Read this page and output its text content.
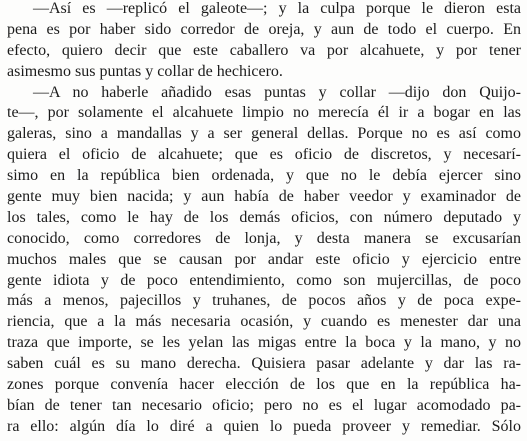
—Así es —replicó el galeote—; y la culpa porque le dieron esta
pena es por haber sido corredor de oreja, y aun de todo el cuerpo. En
efecto, quiero decir que este caballero va por alcahuete, y por tener
asimesmo sus puntas y collar de hechicero.
—A no haberle añadido esas puntas y collar —dijo don Quijo-
te—, por solamente el alcahuete limpio no merecía él ir a bogar en las
galeras, sino a mandallas y a ser general dellas. Porque no es así como
quiera el oficio de alcahuete; que es oficio de discretos, y necesarí-
simo en la república bien ordenada, y que no le debía ejercer sino
gente muy bien nacida; y aun había de haber veedor y examinador de
los tales, como le hay de los demás oficios, con número deputado y
conocido, como corredores de lonja, y desta manera se excusarían
muchos males que se causan por andar este oficio y ejercicio entre
gente idiota y de poco entendimiento, como son mujercillas, de poco
más a menos, pajecillos y truhanes, de pocos años y de poca expe-
riencia, que a la más necesaria ocasión, y cuando es menester dar una
traza que importe, se les yelan las migas entre la boca y la mano, y no
saben cuál es su mano derecha. Quisiera pasar adelante y dar las ra-
zones porque convenía hacer elección de los que en la república ha-
bían de tener tan necesario oficio; pero no es el lugar acomodado pa-
ra ello: algún día lo diré a quien lo pueda proveer y remediar. Sólo
